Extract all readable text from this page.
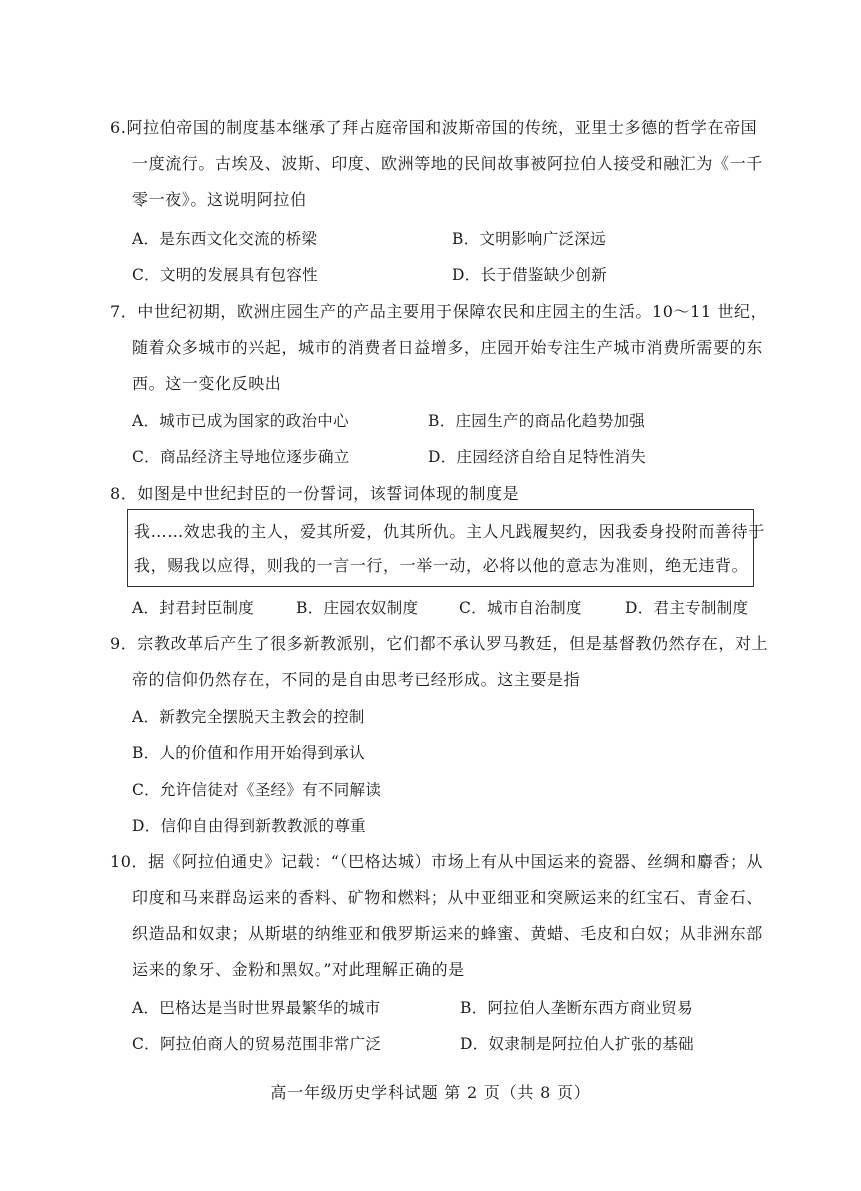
6.阿拉伯帝国的制度基本继承了拜占庭帝国和波斯帝国的传统，亚里士多德的哲学在帝国
一度流行。古埃及、波斯、印度、欧洲等地的民间故事被阿拉伯人接受和融汇为《一千
零一夜》。这说明阿拉伯
A．是东西文化交流的桥梁	B．文明影响广泛深远
C．文明的发展具有包容性	D．长于借鉴缺少创新
7．中世纪初期，欧洲庄园生产的产品主要用于保障农民和庄园主的生活。10～11 世纪，
随着众多城市的兴起，城市的消费者日益增多，庄园开始专注生产城市消费所需要的东
西。这一变化反映出
A．城市已成为国家的政治中心	B．庄园生产的商品化趋势加强
C．商品经济主导地位逐步确立	D．庄园经济自给自足特性消失
8．如图是中世纪封臣的一份誓词，该誓词体现的制度是
我……效忠我的主人，爱其所爱，仇其所仇。主人凡践履契约，因我委身投附而善待于
我，赐我以应得，则我的一言一行，一举一动，必将以他的意志为准则，绝无违背。
A．封君封臣制度	B．庄园农奴制度	C．城市自治制度	D．君主专制制度
9．宗教改革后产生了很多新教派别，它们都不承认罗马教廷，但是基督教仍然存在，对上
帝的信仰仍然存在，不同的是自由思考已经形成。这主要是指
A．新教完全摆脱天主教会的控制
B．人的价值和作用开始得到承认
C．允许信徒对《圣经》有不同解读
D．信仰自由得到新教教派的尊重
10．据《阿拉伯通史》记载：“（巴格达城）市场上有从中国运来的瓷器、丝绸和麝香；从
印度和马来群岛运来的香料、矿物和燃料；从中亚细亚和突厥运来的红宝石、青金石、
织造品和奴隶；从斯堪的纳维亚和俄罗斯运来的蜂蜜、黄蜡、毛皮和白奴；从非洲东部
运来的象牙、金粉和黑奴。”对此理解正确的是
A．巴格达是当时世界最繁华的城市	B．阿拉伯人垄断东西方商业贸易
C．阿拉伯商人的贸易范围非常广泛	D．奴隶制是阿拉伯人扩张的基础
高一年级历史学科试题 第 2 页（共 8 页）
